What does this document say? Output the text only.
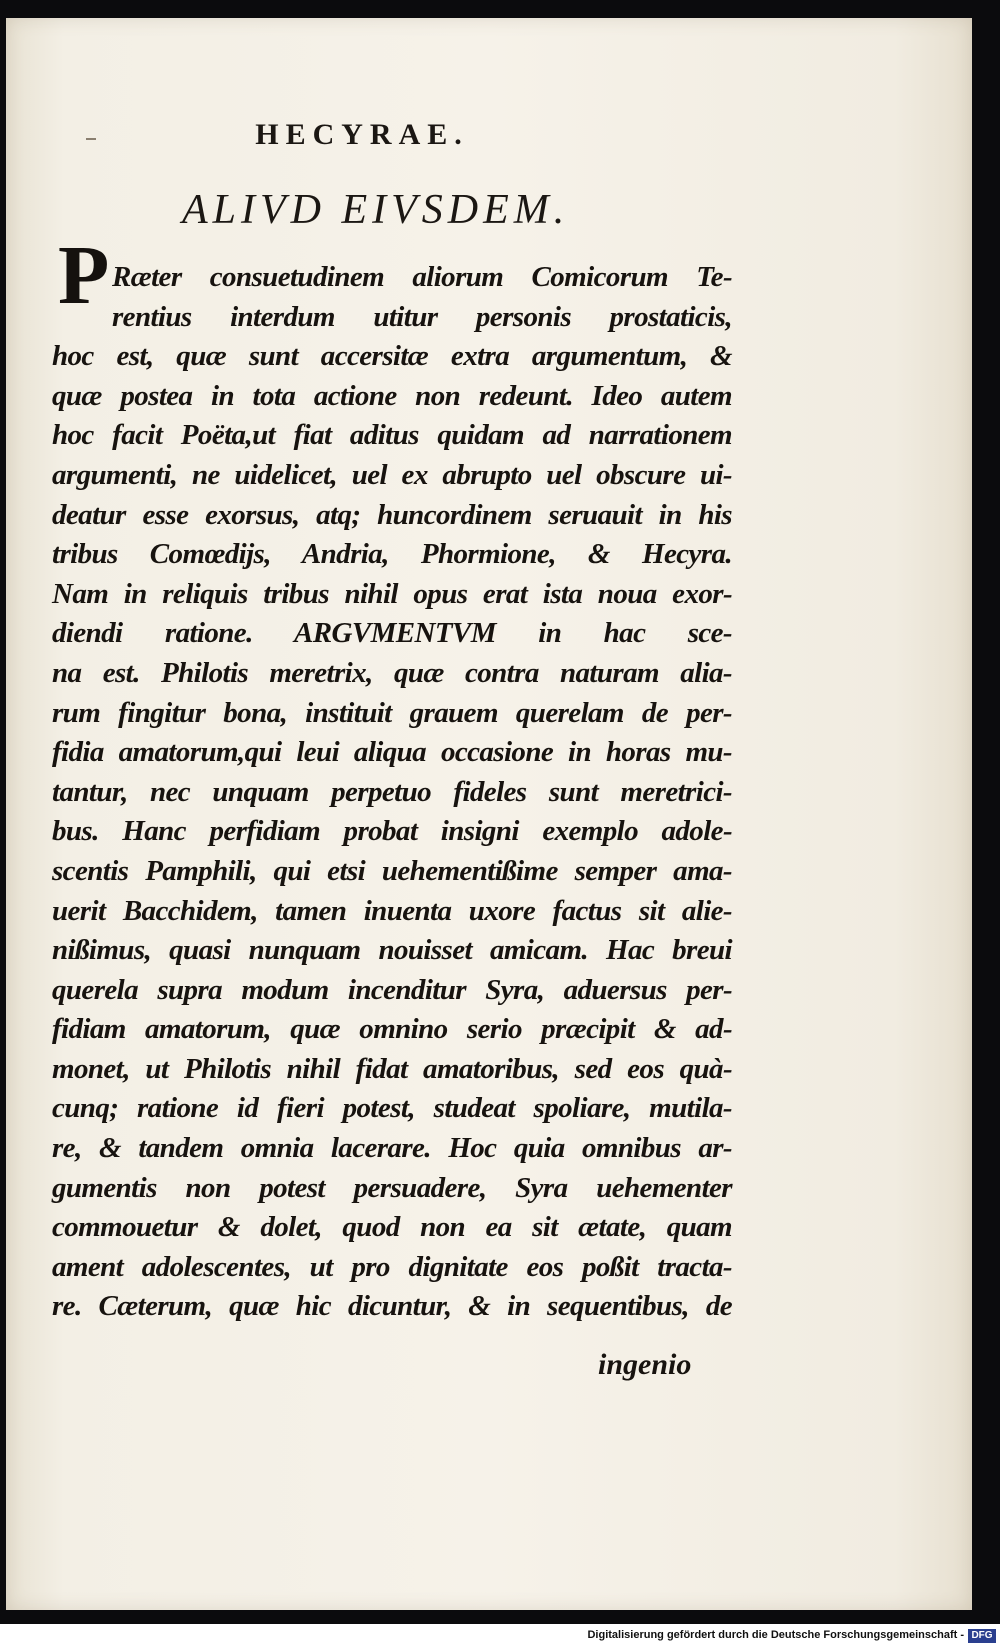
HECYRAE.
ALIVD EIVSDEM.
P Ræter consuetudinem aliorum Comicorum Te-
rentius interdum utitur personis prostaticis,
hoc est, quæ sunt accersitæ extra argumentum, &
quæ postea in tota actione non redeunt. Ideo autem
hoc facit Poëta,ut fiat aditus quidam ad narrationem
argumenti, ne uidelicet, uel ex abrupto uel obscure ui-
deatur esse exorsus, atq; huncordinem seruauit in his
tribus Comœdijs, Andria, Phormione, & Hecyra.
Nam in reliquis tribus nihil opus erat ista noua exor-
diendi ratione. ARGVMENTVM in hac sce-
na est. Philotis meretrix, quæ contra naturam alia-
rum fingitur bona, instituit grauem querelam de per-
fidia amatorum,qui leui aliqua occasione in horas mu-
tantur, nec unquam perpetuo fideles sunt meretrici-
bus. Hanc perfidiam probat insigni exemplo adole-
scentis Pamphili, qui etsi uehementißime semper ama-
uerit Bacchidem, tamen inuenta uxore factus sit alie-
nißimus, quasi nunquam nouisset amicam. Hac breui
querela supra modum incenditur Syra, aduersus per-
fidiam amatorum, quæ omnino serio præcipit & ad-
monet, ut Philotis nihil fidat amatoribus, sed eos quà-
cunq; ratione id fieri potest, studeat spoliare, mutila-
re, & tandem omnia lacerare. Hoc quia omnibus ar-
gumentis non potest persuadere, Syra uehementer
commouetur & dolet, quod non ea sit ætate, quam
ament adolescentes, ut pro dignitate eos poßit tracta-
re. Cæterum, quæ hic dicuntur, & in sequentibus, de
ingenio
Digitalisierung gefördert durch die Deutsche Forschungsgemeinschaft - DFG
